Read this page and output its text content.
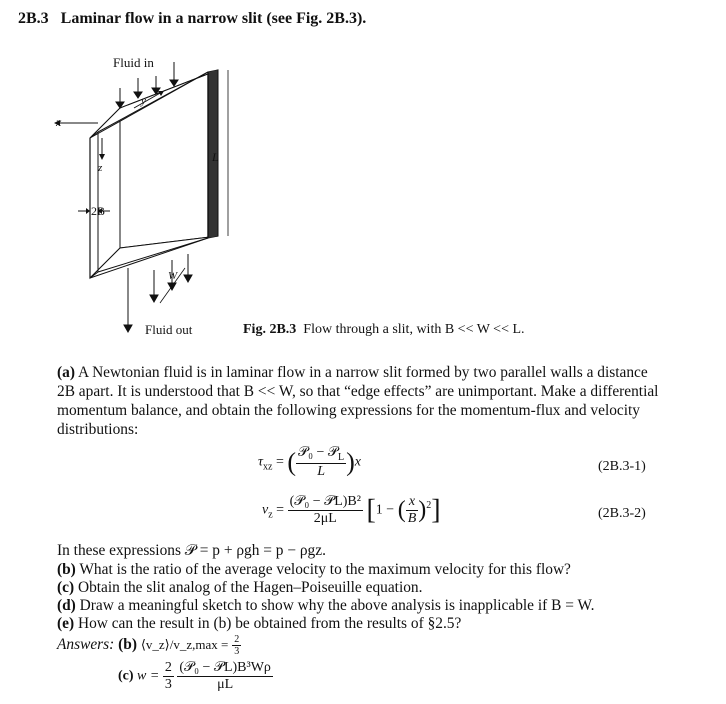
2B.3 Laminar flow in a narrow slit (see Fig. 2B.3).
Fluid in
Fluid out
x
y
z
2B
L
W
Fig. 2B.3 Flow through a slit, with B << W << L.
(a) A Newtonian fluid is in laminar flow in a narrow slit formed by two parallel walls a distance 2B apart. It is understood that B << W, so that “edge effects” are unimportant. Make a differential momentum balance, and obtain the following expressions for the momentum-flux and velocity distributions:
$\tau_{xz}$ = ( $\frac{𝒫_0 - 𝒫_L}{L} )x$	(2B.3-1)
$v_z = \frac{\text{(𝒫₀ − 𝒫L)B²}}{2\mu L} [1$ − ( $\frac{x}{B} )^2$]	(2B.3-2)
In these expressions 𝒫 = p + ρgh = p − ρgz.
(b) What is the ratio of the average velocity to the maximum velocity for this flow?
(c) Obtain the slit analog of the Hagen–Poiseuille equation.
(d) Draw a meaningful sketch to show why the above analysis is inapplicable if B = W.
(e) How can the result in (b) be obtained from the results of §2.5?
Answers: (b) ⟨v_z⟩/v_z,max = $\frac{2}{3}$
(c) $w = \frac{2}{3}$
$\frac{\text{(𝒫₀ − 𝒫L)B³Wρ}}{\mu L}$
